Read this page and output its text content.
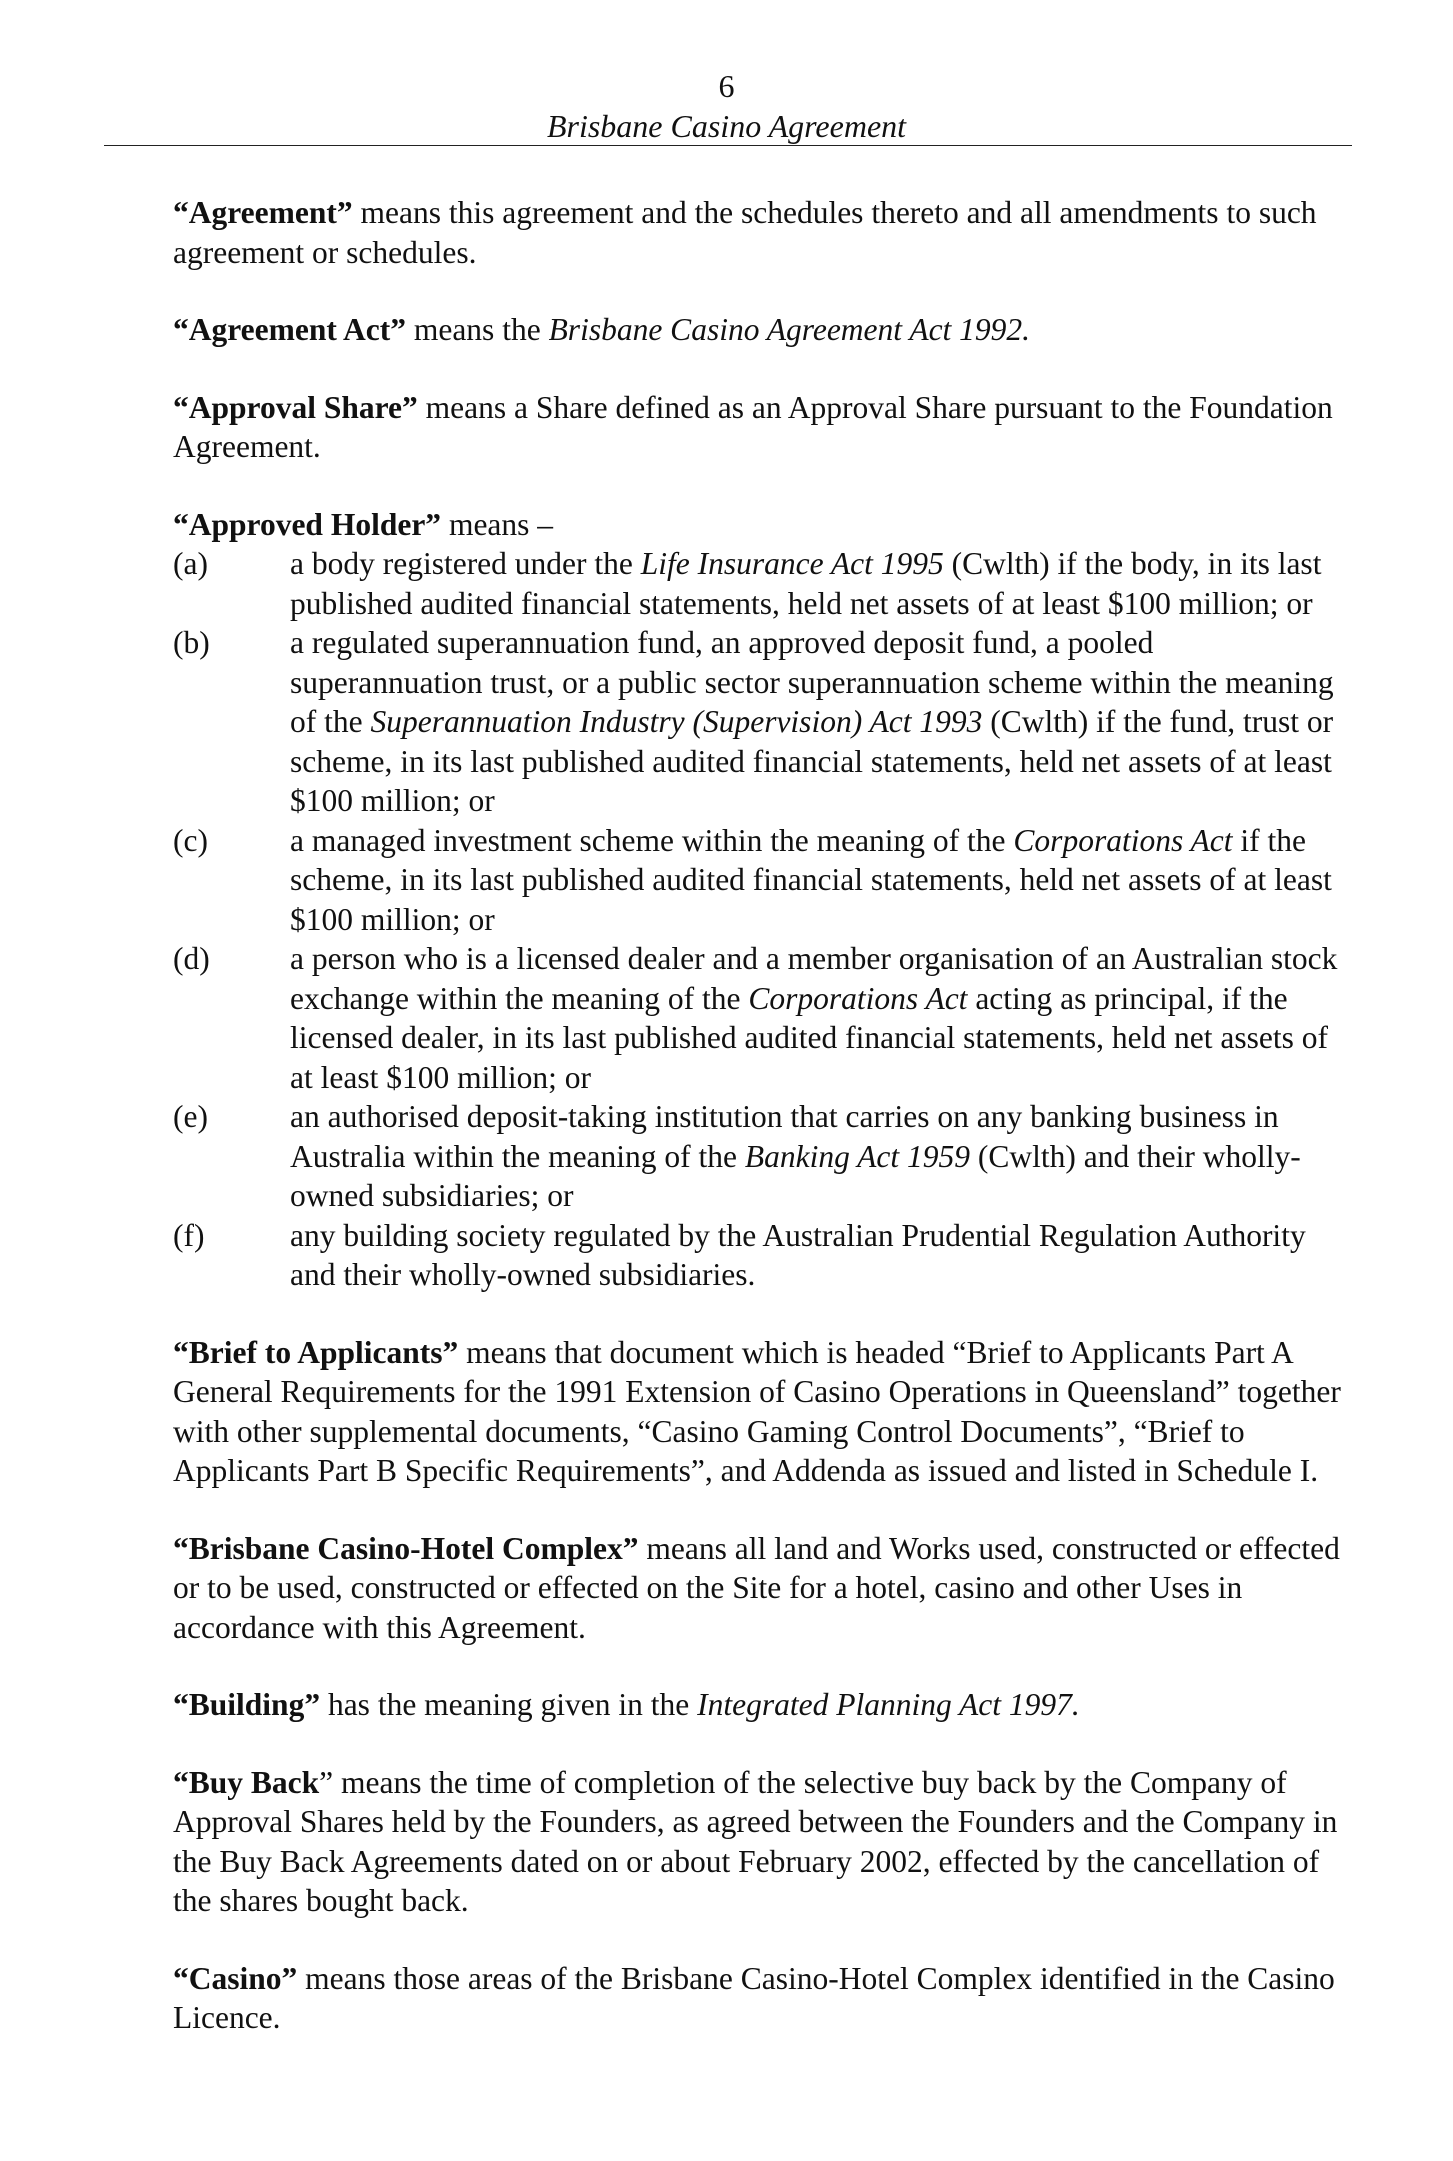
6
Brisbane Casino Agreement

“Agreement” means this agreement and the schedules thereto and all amendments to such agreement or schedules.

“Agreement Act” means the Brisbane Casino Agreement Act 1992.

“Approval Share” means a Share defined as an Approval Share pursuant to the Foundation Agreement.

“Approved Holder” means –

(a)	a body registered under the Life Insurance Act 1995 (Cwlth) if the body, in its last published audited financial statements, held net assets of at least $100 million; or
(b)	a regulated superannuation fund, an approved deposit fund, a pooled superannuation trust, or a public sector superannuation scheme within the meaning of the Superannuation Industry (Supervision) Act 1993 (Cwlth) if the fund, trust or scheme, in its last published audited financial statements, held net assets of at least $100 million; or
(c)	a managed investment scheme within the meaning of the Corporations Act if the scheme, in its last published audited financial statements, held net assets of at least $100 million; or
(d)	a person who is a licensed dealer and a member organisation of an Australian stock exchange within the meaning of the Corporations Act acting as principal, if the licensed dealer, in its last published audited financial statements, held net assets of at least $100 million; or
(e)	an authorised deposit-taking institution that carries on any banking business in Australia within the meaning of the Banking Act 1959 (Cwlth) and their wholly-owned subsidiaries; or
(f)	any building society regulated by the Australian Prudential Regulation Authority and their wholly-owned subsidiaries.

“Brief to Applicants” means that document which is headed “Brief to Applicants Part A General Requirements for the 1991 Extension of Casino Operations in Queensland” together with other supplemental documents, “Casino Gaming Control Documents”, “Brief to Applicants Part B Specific Requirements”, and Addenda as issued and listed in Schedule I.

“Brisbane Casino-Hotel Complex” means all land and Works used, constructed or effected or to be used, constructed or effected on the Site for a hotel, casino and other Uses in accordance with this Agreement.

“Building” has the meaning given in the Integrated Planning Act 1997.

“Buy Back” means the time of completion of the selective buy back by the Company of Approval Shares held by the Founders, as agreed between the Founders and the Company in the Buy Back Agreements dated on or about February 2002, effected by the cancellation of the shares bought back.

“Casino” means those areas of the Brisbane Casino-Hotel Complex identified in the Casino Licence.
